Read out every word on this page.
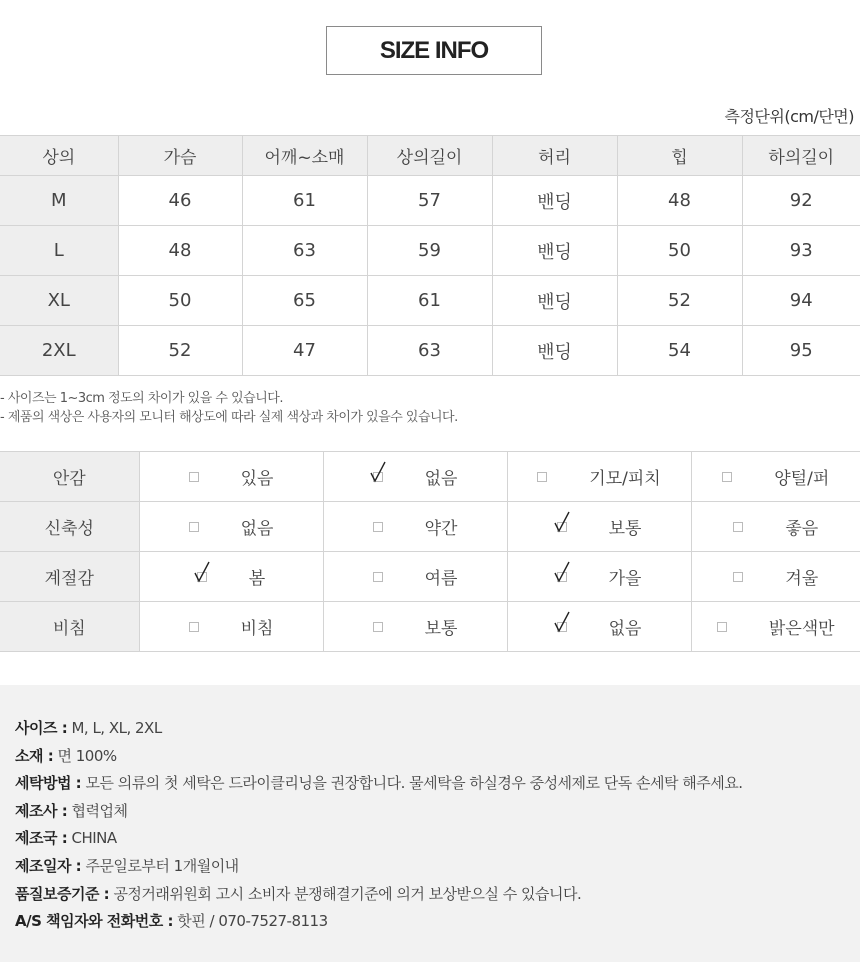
SIZE INFO
측정단위(cm/단면)
상의	가슴	어깨~소매	상의길이	허리	힙	하의길이
M	46	61	57	밴딩	48	92
L	48	63	59	밴딩	50	93
XL	50	65	61	밴딩	52	94
2XL	52	47	63	밴딩	54	95
- 사이즈는 1~3cm 정도의 차이가 있을 수 있습니다.
- 제품의 색상은 사용자의 모니터 해상도에 따라 실제 색상과 차이가 있을수 있습니다.
안감	있음	없음	기모/피치	양털/퍼

신축성	없음	약간	보통	좋음

계절감	봄	여름	가을	겨울

비침	비침	보통	없음	밝은색만
사이즈 : M, L, XL, 2XL
소재 : 면 100%
세탁방법 : 모든 의류의 첫 세탁은 드라이클리닝을 권장합니다. 물세탁을 하실경우 중성세제로 단독 손세탁 해주세요.
제조사 : 협력업체
제조국 : CHINA
제조일자 : 주문일로부터 1개월이내
품질보증기준 : 공정거래위원회 고시 소비자 분쟁해결기준에 의거 보상받으실 수 있습니다.
A/S 책임자와 전화번호 : 핫핀 / 070-7527-8113
